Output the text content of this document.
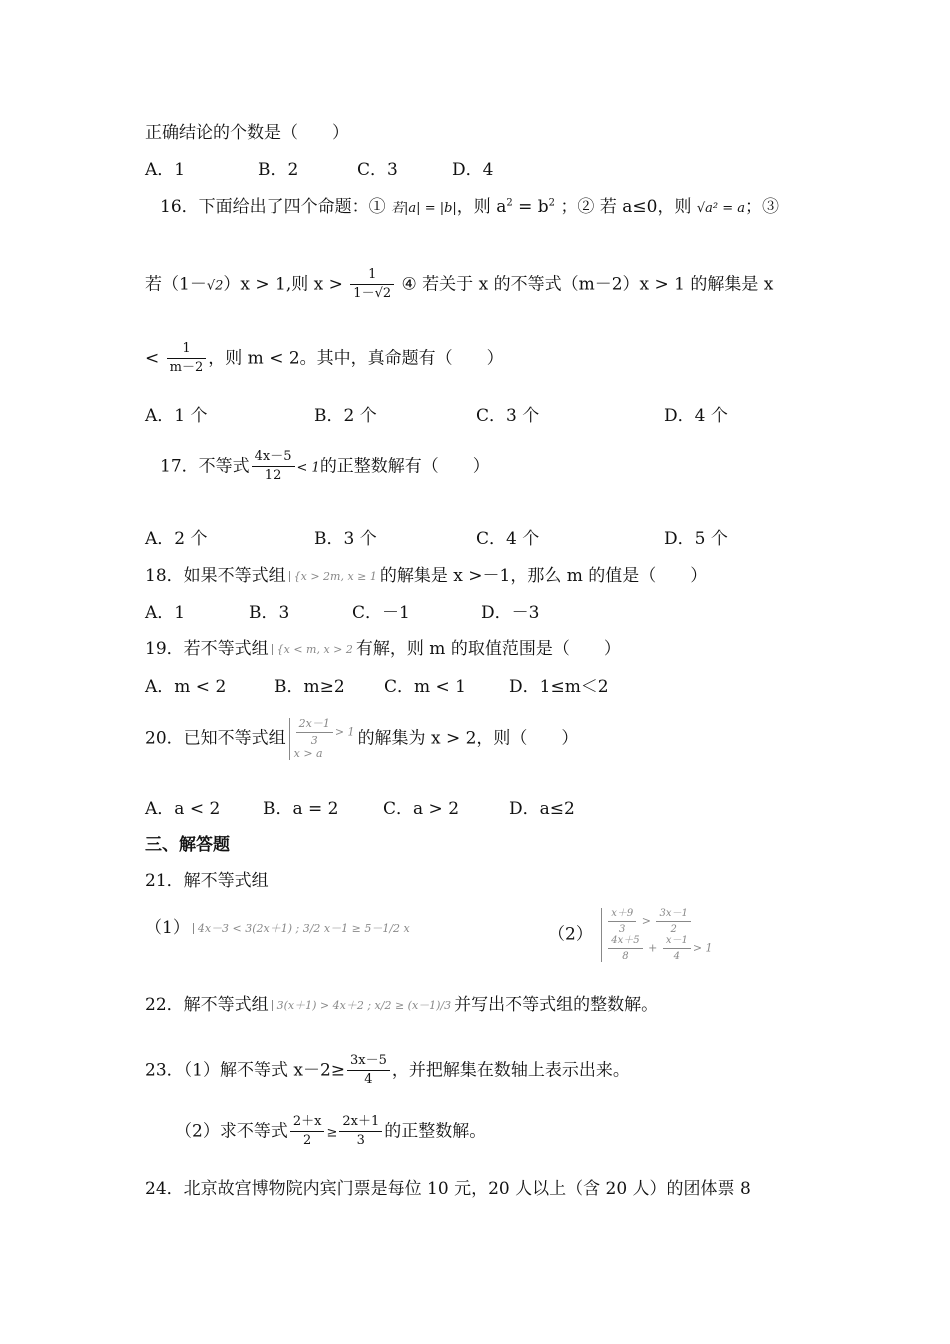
正确结论的个数是（　　）
A．1	B．2	C．3	D．4
16．下面给出了四个命题：① 若|a| = |b|，则 $a^2 = b^2$ ；② 若 a≤0，则 √a² = a；③
若（1－√2）x > 1,则 $x > \frac{1}{1-√2}$ ④ 若关于 x 的不等式（m－2）x > 1 的解集是 x
< $\frac{1}{m-2}$ ，则 m < 2。其中，真命题有（　　）
A．1 个	B．2 个	C．3 个	D．4 个
17．不等式 $\frac{4x-5}{12} < 1$的正整数解有（　　）
A．2 个	B．3 个	C．4 个	D．5 个
18．如果不等式组 {x > 2m, x ≥ 1 的解集是 x >－1，那么 m 的值是（　　）
A．1	B．3	C．－1	D．－3
19．若不等式组 {x < m, x > 2 有解，则 m 的取值范围是（　　）
A．m < 2	B．m≥2 C．m < 1	D．1≤m＜2
20．已知不等式组 $\frac{2x-1}{3} > 1$
x > a的解集为 x > 2，则（　　）
A．a < 2	B．a = 2	C．a > 2	D．a≤2
三、解答题
21．解不等式组
（1） 4x－3 < 3(2x＋1) ; 3/2 x－1 ≥ 5－1/2 x	$(2) \frac{x+9}{3} > \frac{3x-1}{2}$

$\frac{4x+5}{8} + \frac{x-1}{4} > 1$
22．解不等式组 3(x＋1) > 4x＋2 ; x/2 ≥ (x－1)/3 并写出不等式组的整数解。
23．（1）解不等式 $x-2\ge \frac{3x-5}{4}$ ，并把解集在数轴上表示出来。
（2）求不等式 $\frac{2+x}{2} \ge \frac{2x+1}{3}$ 的正整数解。
24．北京故宫博物院内宾门票是每位 10 元，20 人以上（含 20 人）的团体票 8
